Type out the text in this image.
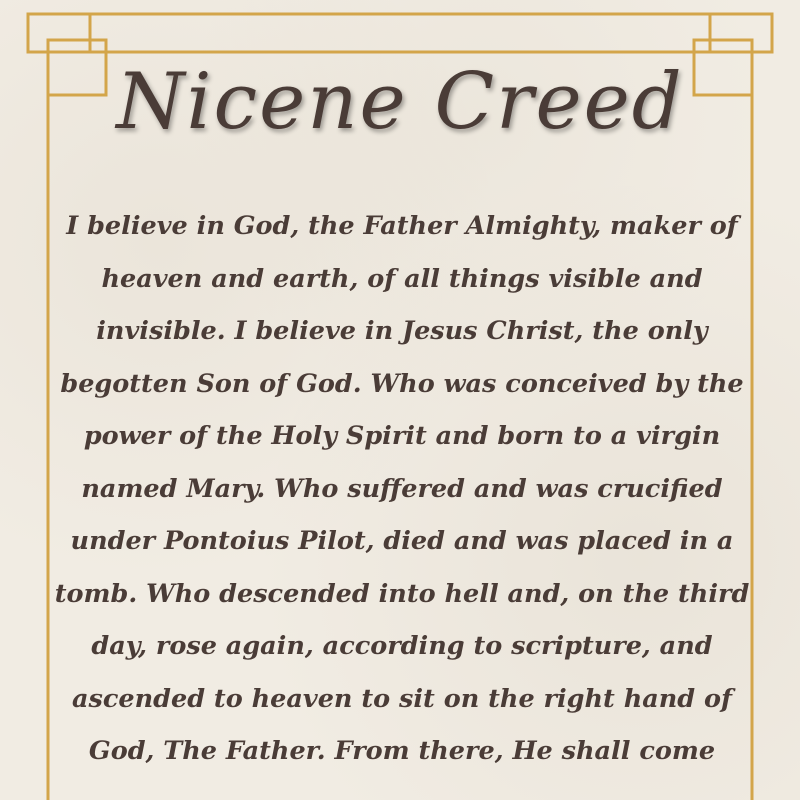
Nicene Creed

I believe in God, the Father Almighty, maker of heaven and earth, of all things visible and invisible. I believe in Jesus Christ, the only begotten Son of God. Who was conceived by the power of the Holy Spirit and born to a virgin named Mary. Who suffered and was crucified under Pontoius Pilot, died and was placed in a tomb. Who descended into hell and, on the third day, rose again, according to scripture, and ascended to heaven to sit on the right hand of God, The Father. From there, He shall come
